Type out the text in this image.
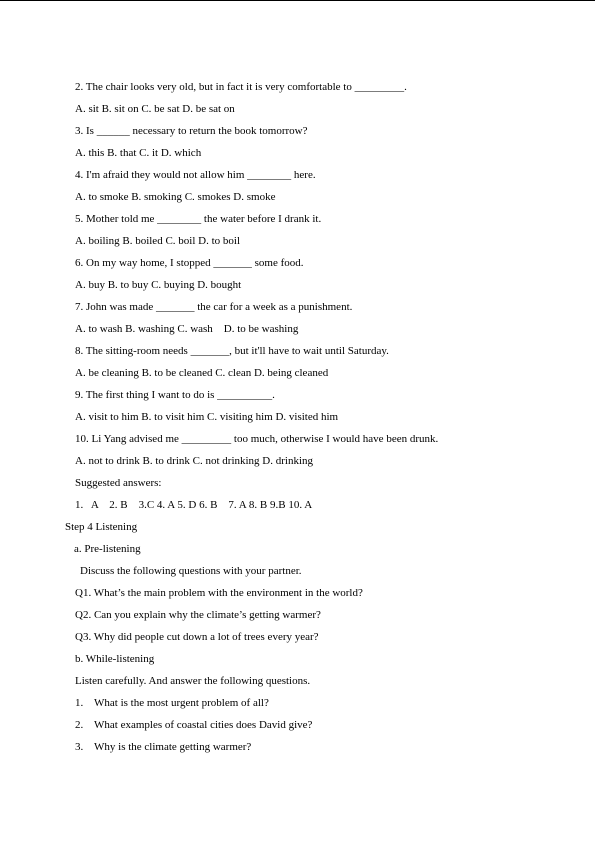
2. The chair looks very old, but in fact it is very comfortable to _________.
A. sit B. sit on C. be sat D. be sat on
3. Is ______ necessary to return the book tomorrow?
A. this B. that C. it D. which
4. I'm afraid they would not allow him ________ here.
A. to smoke B. smoking C. smokes D. smoke
5. Mother told me ________ the water before I drank it.
A. boiling B. boiled C. boil D. to boil
6. On my way home, I stopped _______ some food.
A. buy B. to buy C. buying D. bought
7. John was made _______ the car for a week as a punishment.
A. to wash B. washing C. wash    D. to be washing
8. The sitting-room needs _______, but it'll have to wait until Saturday.
A. be cleaning B. to be cleaned C. clean D. being cleaned
9. The first thing I want to do is __________.
A. visit to him B. to visit him C. visiting him D. visited him
10. Li Yang advised me _________ too much, otherwise I would have been drunk.
A. not to drink B. to drink C. not drinking D. drinking
Suggested answers:
1.   A    2. B    3.C 4. A 5. D 6. B    7. A 8. B 9.B 10. A
Step 4 Listening
a. Pre-listening
Discuss the following questions with your partner.
Q1. What’s the main problem with the environment in the world?
Q2. Can you explain why the climate’s getting warmer?
Q3. Why did people cut down a lot of trees every year?
b. While-listening
Listen carefully. And answer the following questions.
1. What is the most urgent problem of all?
2. What examples of coastal cities does David give?
3. Why is the climate getting warmer?
